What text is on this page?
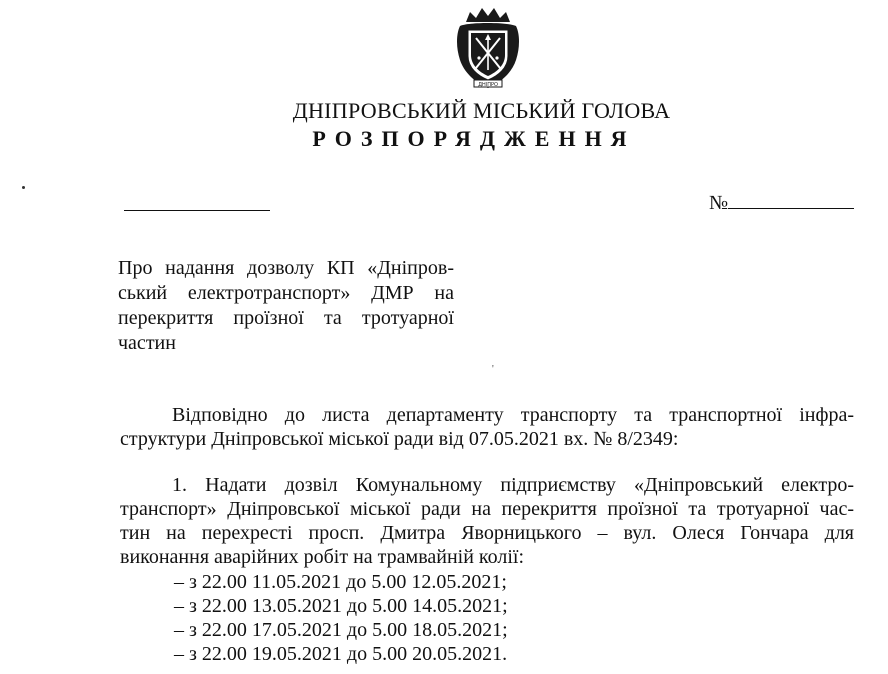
ДНІПРО
ДНІПРОВСЬКИЙ МІСЬКИЙ ГОЛОВА
РОЗПОРЯДЖЕННЯ
№
Про надання дозволу КП «Дніпров-
ський електротранспорт» ДМР на
перекриття проїзної та тротуарної
частин
'
Відповідно до листа департаменту транспорту та транспортної інфра-
структури Дніпровської міської ради від 07.05.2021 вх. № 8/2349:
1. Надати дозвіл Комунальному підприємству «Дніпровський електро-
транспорт» Дніпровської міської ради на перекриття проїзної та тротуарної час-
тин на перехресті просп. Дмитра Яворницького – вул. Олеся Гончара для
виконання аварійних робіт на трамвайній колії:
– з 22.00 11.05.2021 до 5.00 12.05.2021;
– з 22.00 13.05.2021 до 5.00 14.05.2021;
– з 22.00 17.05.2021 до 5.00 18.05.2021;
– з 22.00 19.05.2021 до 5.00 20.05.2021.
